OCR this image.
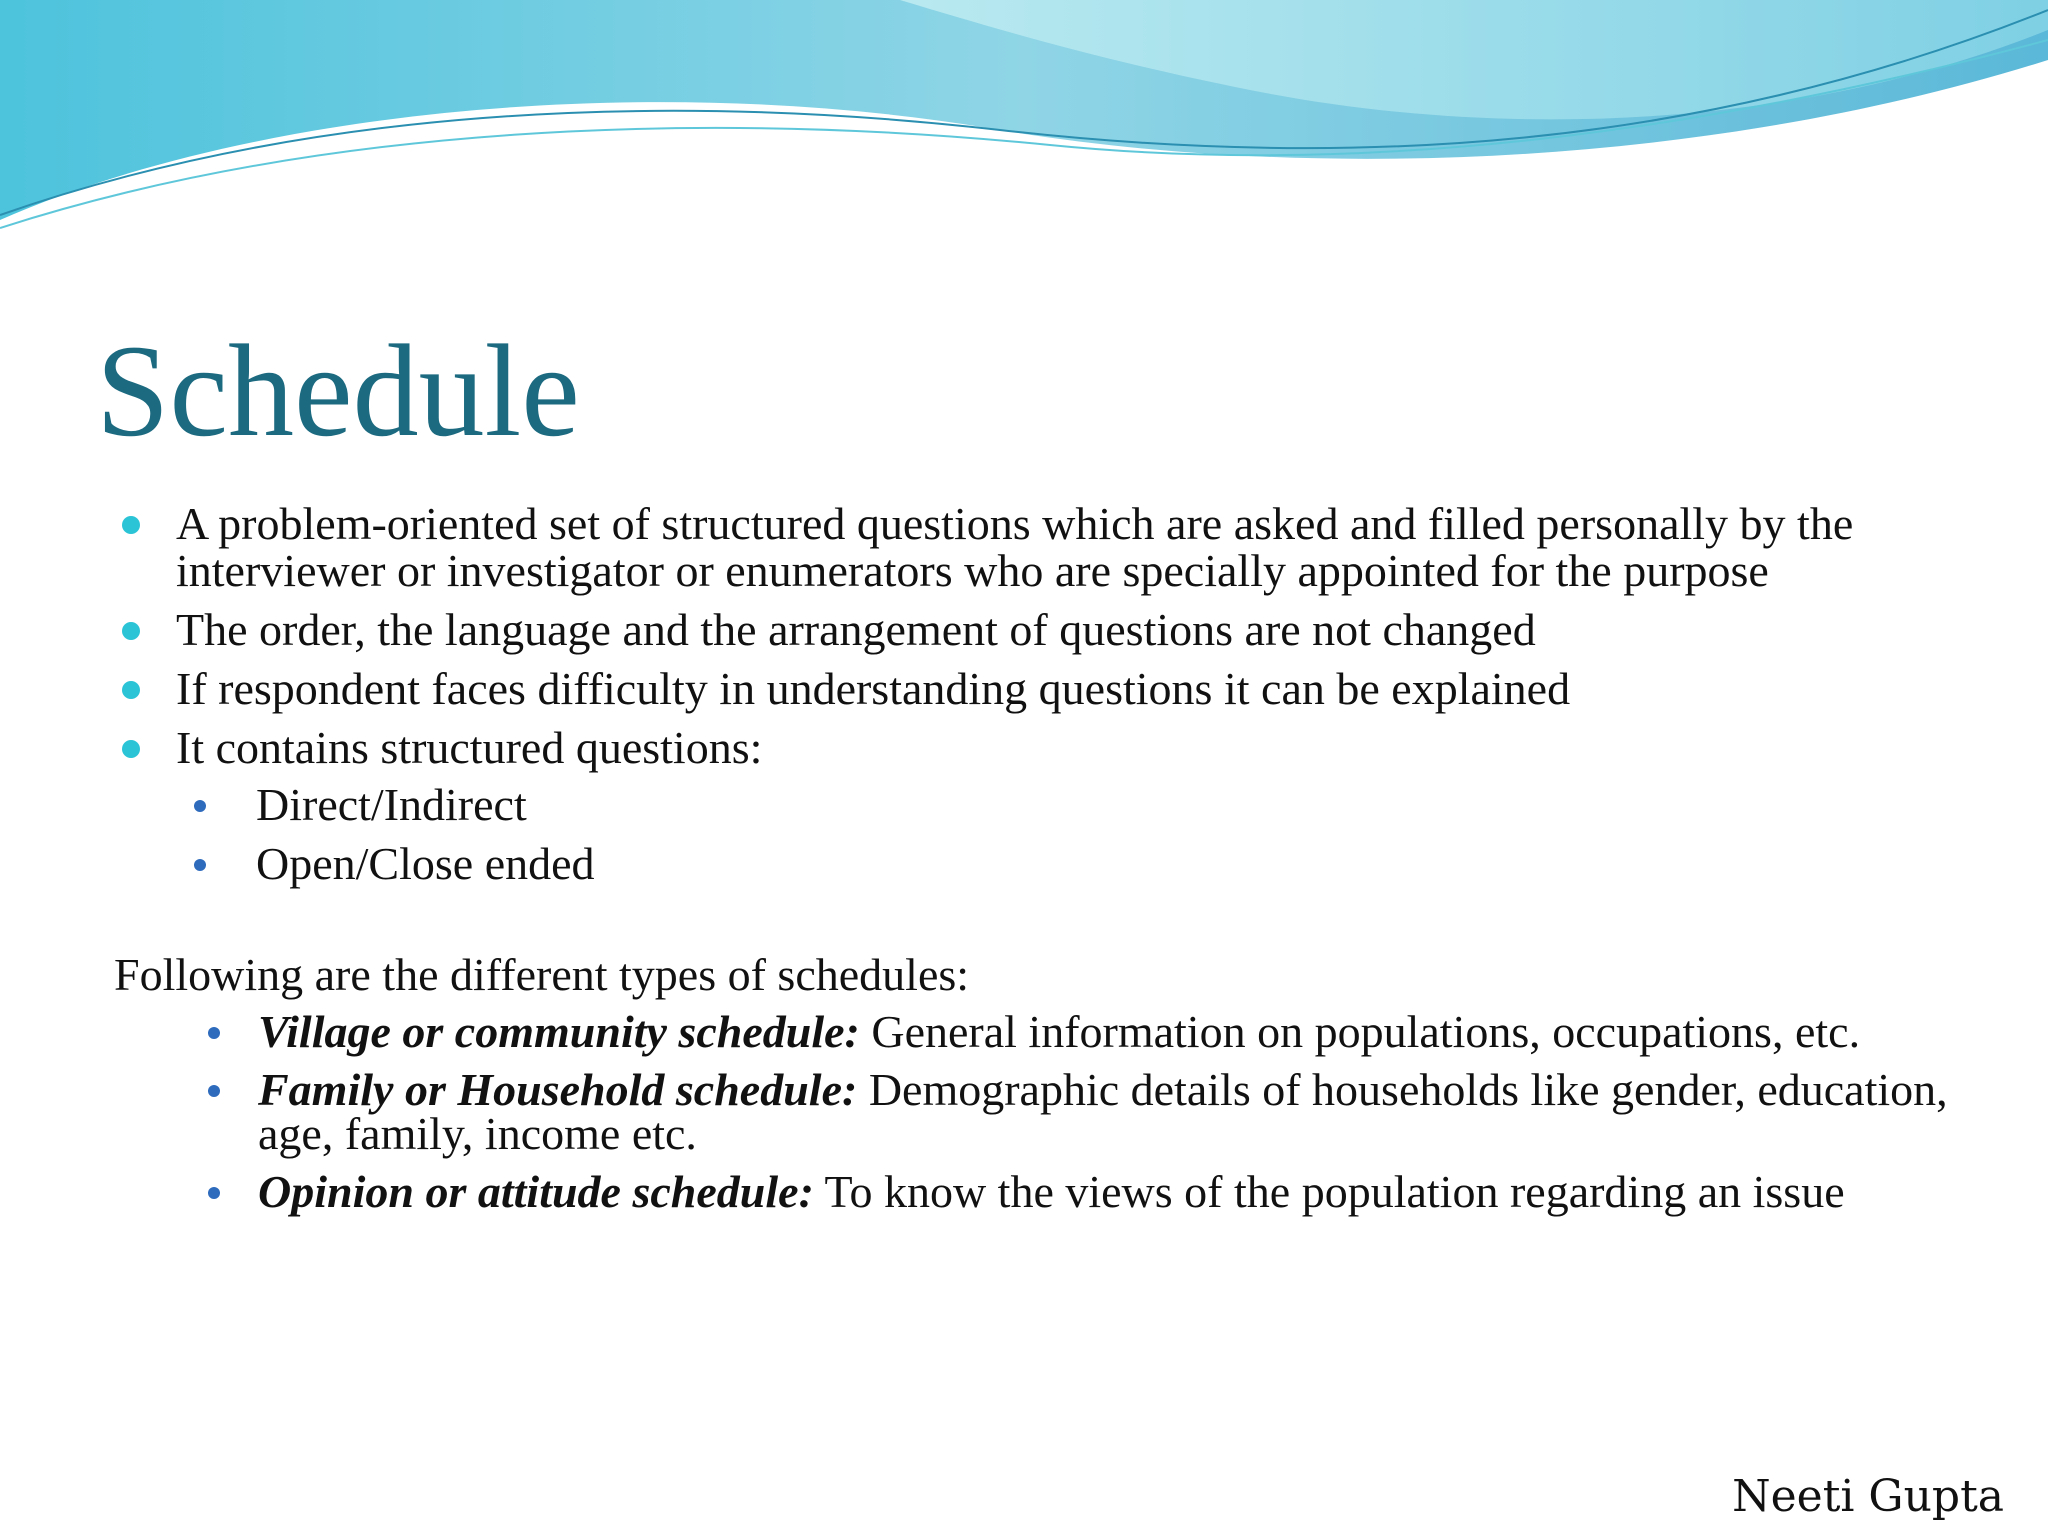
Schedule
A problem-oriented set of structured questions which are asked and filled personally by the interviewer or investigator or enumerators who are specially appointed for the purpose
The order, the language and the arrangement of questions are not changed
If respondent faces difficulty in understanding questions it can be explained
It contains structured questions:
Direct/Indirect
Open/Close ended
Following are the different types of schedules:
Village or community schedule: General information on populations, occupations, etc.
Family or Household schedule: Demographic details of households like gender, education, age, family, income etc.
Opinion or attitude schedule: To know the views of the population regarding an issue
Neeti Gupta
